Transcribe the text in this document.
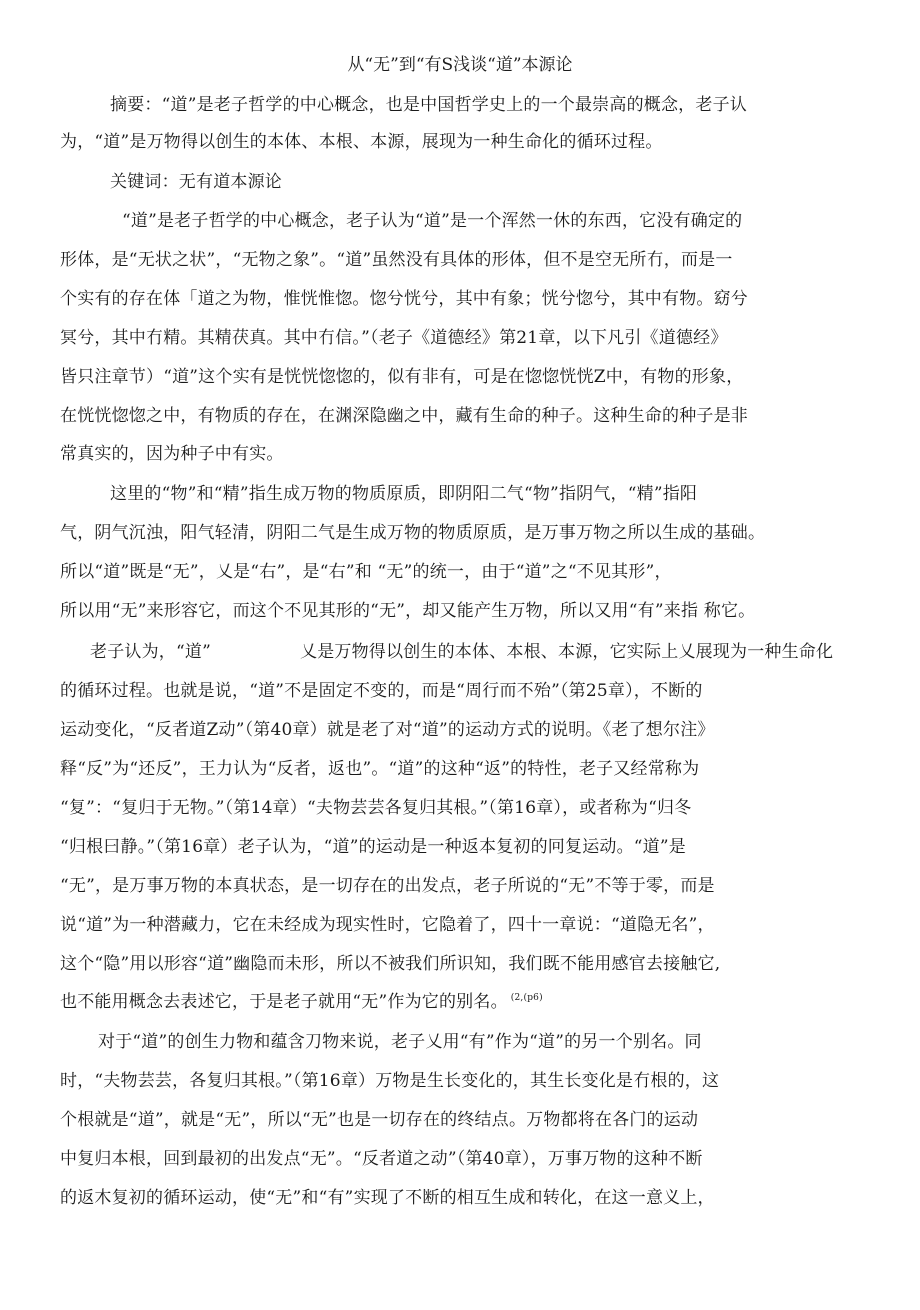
从“无”到“有S浅谈“道”本源论
摘要：“道”是老子哲学的中心概念，也是中国哲学史上的一个最崇高的概念，老子认
为，“道”是万物得以创生的本体、本根、本源，展现为一种生命化的循环过程。
关键词：无有道本源论
“道”是老子哲学的中心概念，老子认为“道”是一个浑然一休的东西，它没有确定的
形体，是“无状之状”，“无物之象”。“道”虽然没有具体的形体，但不是空无所冇，而是一
个实有的存在体「道之为物，惟恍惟惚。惚兮恍兮，其中有象；恍兮惚兮，其中有物。窈兮
冥兮，其中冇精。其精茯真。其中冇信。”（老子《道德经》第21章，以下凡引《道德经》
皆只注章节）“道”这个实有是恍恍惚惚的，似有非有，可是在惚惚恍恍Z中，有物的形象，
在恍恍惚惚之中，有物质的存在，在渊深隐幽之中，藏有生命的种子。这种生命的种子是非
常真实的，因为种子中有实。
这里的“物”和“精”指生成万物的物质原质，即阴阳二气“物”指阴气，“精”指阳
气，阴气沉浊，阳气轻清，阴阳二气是生成万物的物质原质，是万事万物之所以生成的基础。
所以“道”既是“无”，乂是“右”，是“右”和 “无”的统一，由于“道”之“不见其形”，
所以用“无”来形容它，而这个不见其形的“无”，却又能产生万物，所以又用“有”来指 称它。
老子认为，“道”	乂是万物得以创生的本体、本根、本源，它实际上乂展现为一种生命化
的循环过程。也就是说，“道”不是固定不变的，而是“周行而不殆”（第25章），不断的
运动变化，“反者道Z动”（第40章）就是老了对“道”的运动方式的说明。《老了想尔注》
释“反”为“还反”，王力认为“反者，返也”。“道”的这种“返”的特性，老子又经常称为
“复”：“复归于无物。”（第14章）“夫物芸芸各复归其根。”（第16章），或者称为“归冬
“归根曰静。”（第16章）老子认为，“道”的运动是一种返本复初的冋复运动。“道”是
“无”，是万事万物的本真状态，是一切存在的出发点，老子所说的“无”不等于零，而是
说“道”为一种潜藏力，它在未经成为现实性时，它隐着了，四十一章说：“道隐无名”，
这个“隐”用以形容“道”幽隐而未形，所以不被我们所识知，我们既不能用感官去接触它,
也不能用概念去表述它，于是老子就用“无”作为它的别名。 $^{(2,(p6)}$
对于“道”的创生力物和蕴含刀物来说，老子乂用“有”作为“道”的另一个别名。同
时，“夫物芸芸，各复归其根。”（第16章）万物是生长变化的，其生长变化是冇根的，这
个根就是“道”，就是“无”，所以“无”也是一切存在的终结点。万物都将在各门的运动
中复归本根，回到最初的出发点“无”。“反者道之动”（第40章），万事万物的这种不断
的返木复初的循环运动，使“无”和“有”实现了不断的相互生成和转化，在这一意义上，
